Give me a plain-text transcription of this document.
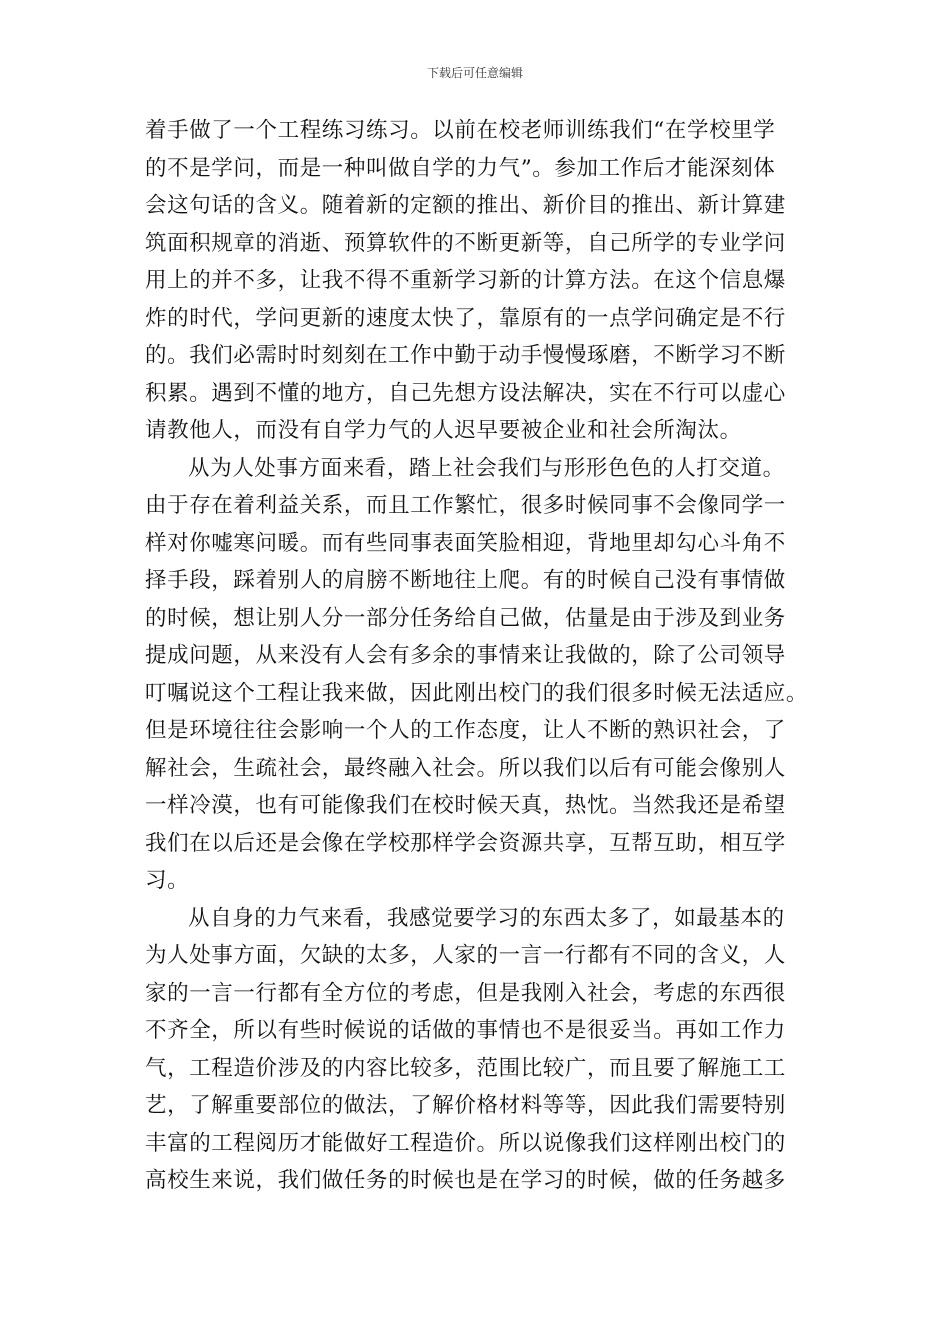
下载后可任意编辑

着手做了一个工程练习练习。以前在校老师训练我们“在学校里学
的不是学问，而是一种叫做自学的力气”。参加工作后才能深刻体
会这句话的含义。随着新的定额的推出、新价目的推出、新计算建
筑面积规章的消逝、预算软件的不断更新等，自己所学的专业学问
用上的并不多，让我不得不重新学习新的计算方法。在这个信息爆
炸的时代，学问更新的速度太快了，靠原有的一点学问确定是不行
的。我们必需时时刻刻在工作中勤于动手慢慢琢磨，不断学习不断
积累。遇到不懂的地方，自己先想方设法解决，实在不行可以虚心
请教他人，而没有自学力气的人迟早要被企业和社会所淘汰。

从为人处事方面来看，踏上社会我们与形形色色的人打交道。
由于存在着利益关系，而且工作繁忙，很多时候同事不会像同学一
样对你嘘寒问暖。而有些同事表面笑脸相迎，背地里却勾心斗角不
择手段，踩着别人的肩膀不断地往上爬。有的时候自己没有事情做
的时候，想让别人分一部分任务给自己做，估量是由于涉及到业务
提成问题，从来没有人会有多余的事情来让我做的，除了公司领导
叮嘱说这个工程让我来做，因此刚出校门的我们很多时候无法适应。
但是环境往往会影响一个人的工作态度，让人不断的熟识社会，了
解社会，生疏社会，最终融入社会。所以我们以后有可能会像别人
一样冷漠，也有可能像我们在校时候天真，热忱。当然我还是希望
我们在以后还是会像在学校那样学会资源共享，互帮互助，相互学
习。

从自身的力气来看，我感觉要学习的东西太多了，如最基本的
为人处事方面，欠缺的太多，人家的一言一行都有不同的含义，人
家的一言一行都有全方位的考虑，但是我刚入社会，考虑的东西很
不齐全，所以有些时候说的话做的事情也不是很妥当。再如工作力
气，工程造价涉及的内容比较多，范围比较广，而且要了解施工工
艺，了解重要部位的做法，了解价格材料等等，因此我们需要特别
丰富的工程阅历才能做好工程造价。所以说像我们这样刚出校门的
高校生来说，我们做任务的时候也是在学习的时候，做的任务越多
